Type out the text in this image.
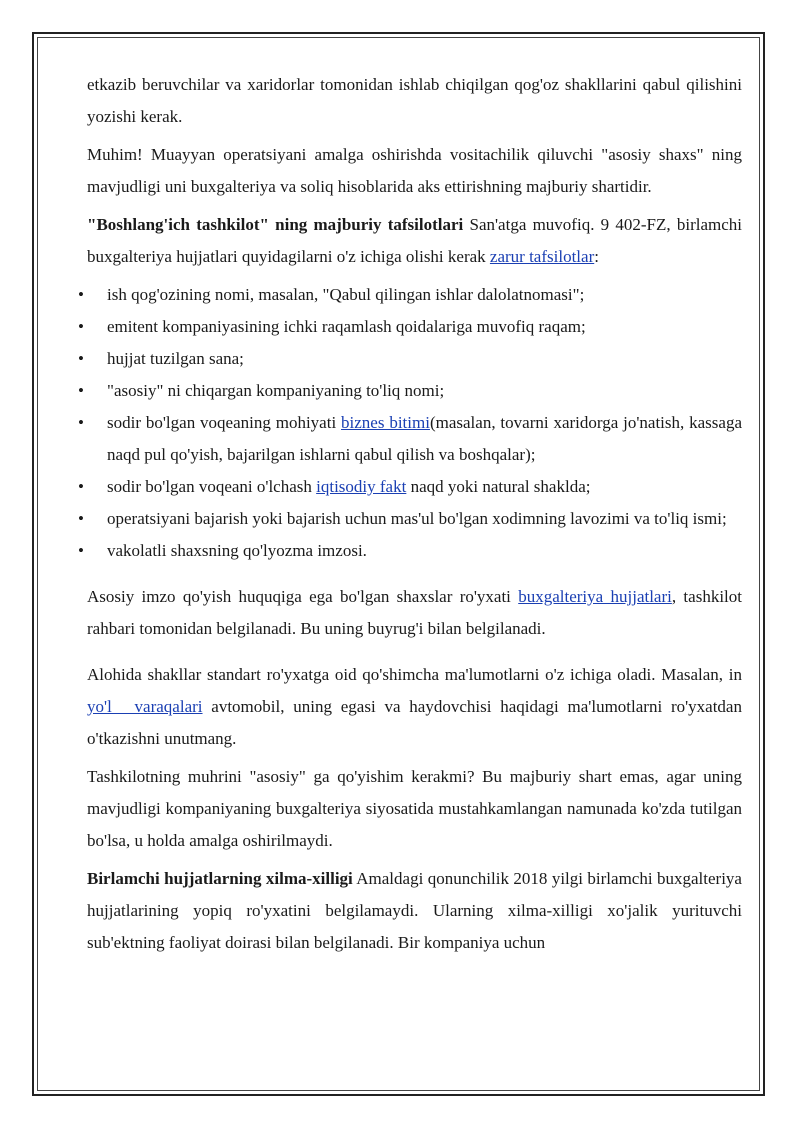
etkazib beruvchilar va xaridorlar tomonidan ishlab chiqilgan qog'oz shakllarini qabul qilishini yozishi kerak.

Muhim! Muayyan operatsiyani amalga oshirishda vositachilik qiluvchi "asosiy shaxs" ning mavjudligi uni buxgalteriya va soliq hisoblarida aks ettirishning majburiy shartidir.

"Boshlang'ich tashkilot" ning majburiy tafsilotlari San'atga muvofiq. 9 402-FZ, birlamchi buxgalteriya hujjatlari quyidagilarni o'z ichiga olishi kerak zarur tafsilotlar:

• ish qog'ozining nomi, masalan, "Qabul qilingan ishlar dalolatnomasi";
• emitent kompaniyasining ichki raqamlash qoidalariga muvofiq raqam;
• hujjat tuzilgan sana;
• "asosiy" ni chiqargan kompaniyaning to'liq nomi;
• sodir bo'lgan voqeaning mohiyati biznes bitimi(masalan, tovarni xaridorga jo'natish, kassaga naqd pul qo'yish, bajarilgan ishlarni qabul qilish va boshqalar);
• sodir bo'lgan voqeani o'lchash iqtisodiy fakt naqd yoki natural shaklda;
• operatsiyani bajarish yoki bajarish uchun mas'ul bo'lgan xodimning lavozimi va to'liq ismi;
• vakolatli shaxsning qo'lyozma imzosi.

Asosiy imzo qo'yish huquqiga ega bo'lgan shaxslar ro'yxati buxgalteriya hujjatlari, tashkilot rahbari tomonidan belgilanadi. Bu uning buyrug'i bilan belgilanadi.

Alohida shakllar standart ro'yxatga oid qo'shimcha ma'lumotlarni o'z ichiga oladi. Masalan, in yo'l varaqalari avtomobil, uning egasi va haydovchisi haqidagi ma'lumotlarni ro'yxatdan o'tkazishni unutmang.

Tashkilotning muhrini "asosiy" ga qo'yishim kerakmi? Bu majburiy shart emas, agar uning mavjudligi kompaniyaning buxgalteriya siyosatida mustahkamlangan namunada ko'zda tutilgan bo'lsa, u holda amalga oshirilmaydi.

Birlamchi hujjatlarning xilma-xilligi Amaldagi qonunchilik 2018 yilgi birlamchi buxgalteriya hujjatlarining yopiq ro'yxatini belgilamaydi. Ularning xilma-xilligi xo'jalik yurituvchi sub'ektning faoliyat doirasi bilan belgilanadi. Bir kompaniya uchun
